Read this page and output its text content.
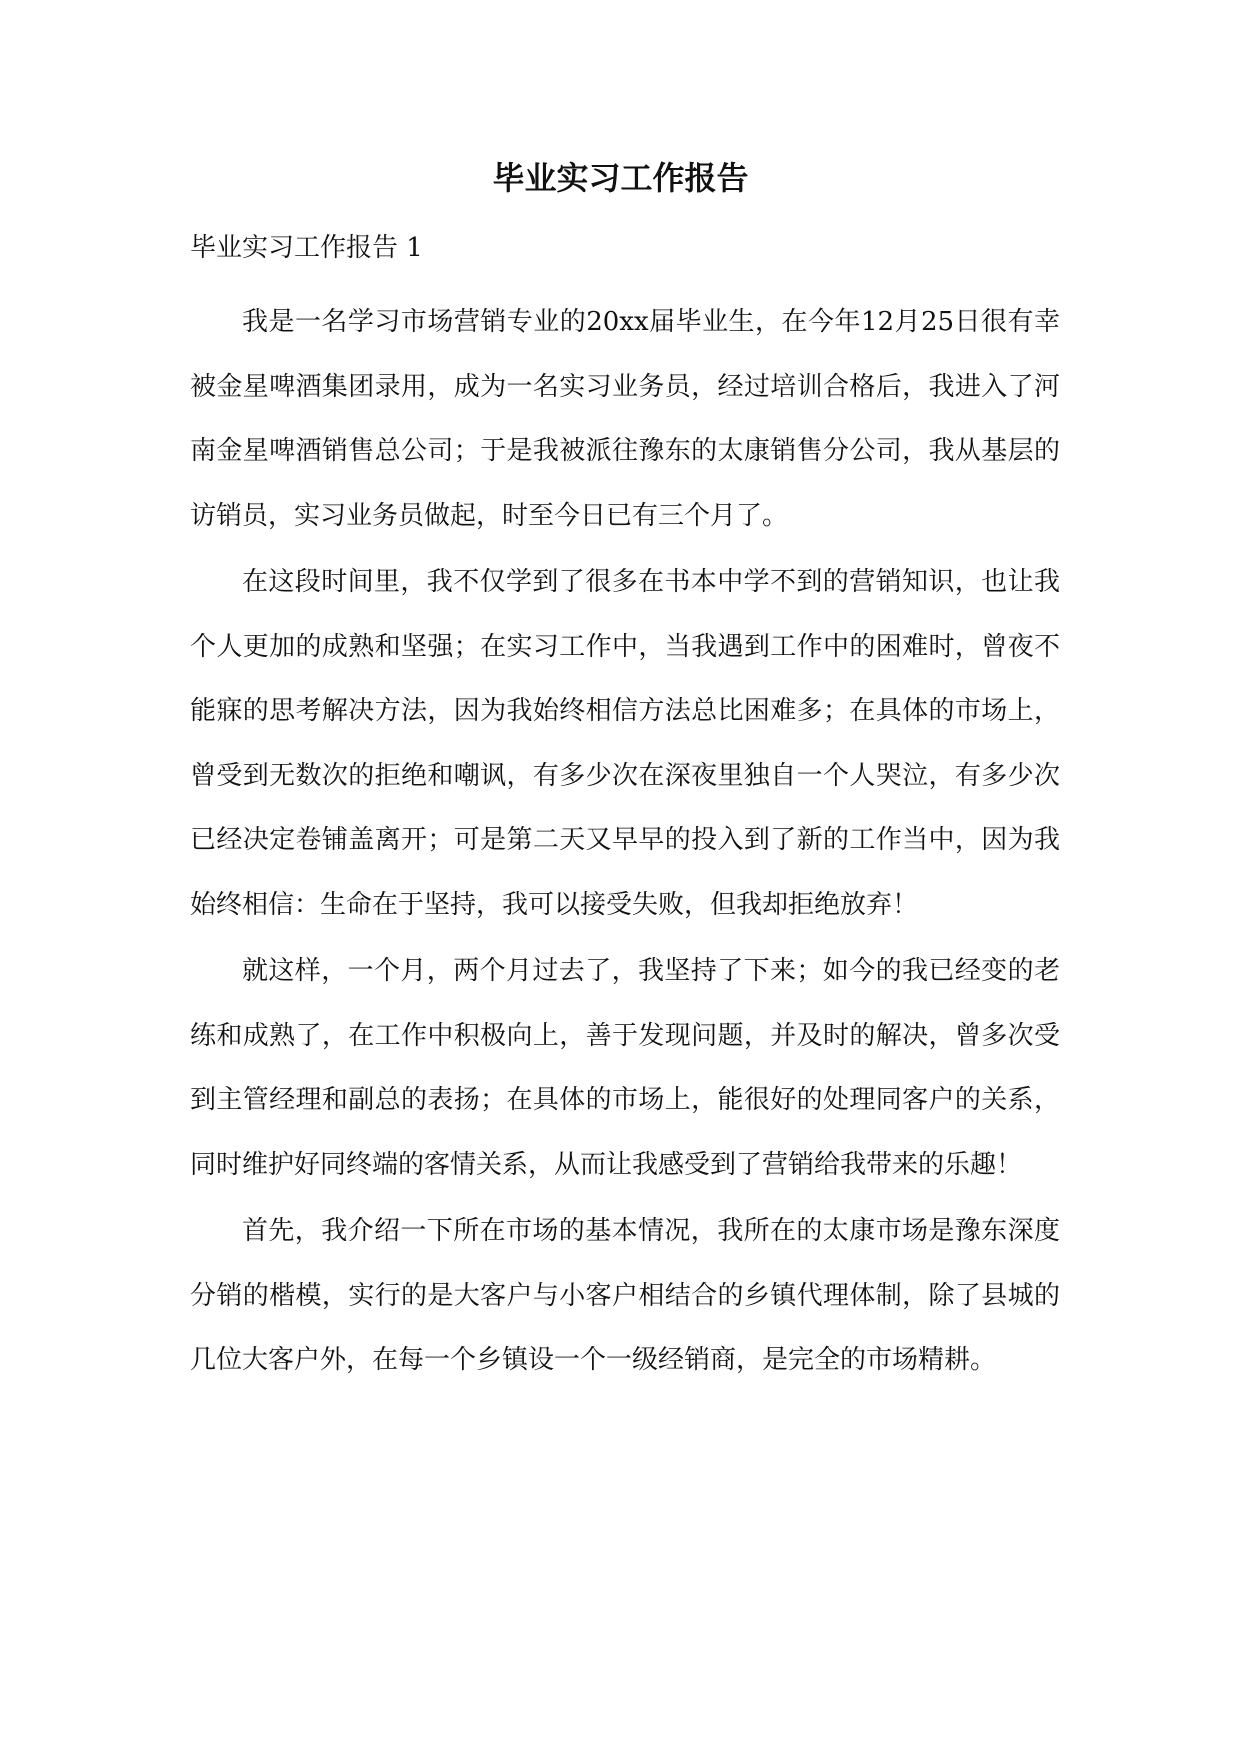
毕业实习工作报告
毕业实习工作报告 1

我是一名学习市场营销专业的20xx届毕业生，在今年12月25日很有幸被金星啤酒集团录用，成为一名实习业务员，经过培训合格后，我进入了河南金星啤酒销售总公司；于是我被派往豫东的太康销售分公司，我从基层的访销员，实习业务员做起，时至今日已有三个月了。

在这段时间里，我不仅学到了很多在书本中学不到的营销知识，也让我个人更加的成熟和坚强；在实习工作中，当我遇到工作中的困难时，曾夜不能寐的思考解决方法，因为我始终相信方法总比困难多；在具体的市场上，曾受到无数次的拒绝和嘲讽，有多少次在深夜里独自一个人哭泣，有多少次已经决定卷铺盖离开；可是第二天又早早的投入到了新的工作当中，因为我始终相信：生命在于坚持，我可以接受失败，但我却拒绝放弃！

就这样，一个月，两个月过去了，我坚持了下来；如今的我已经变的老练和成熟了，在工作中积极向上，善于发现问题，并及时的解决，曾多次受到主管经理和副总的表扬；在具体的市场上，能很好的处理同客户的关系，同时维护好同终端的客情关系，从而让我感受到了营销给我带来的乐趣！

首先，我介绍一下所在市场的基本情况，我所在的太康市场是豫东深度分销的楷模，实行的是大客户与小客户相结合的乡镇代理体制，除了县城的几位大客户外，在每一个乡镇设一个一级经销商，是完全的市场精耕。
